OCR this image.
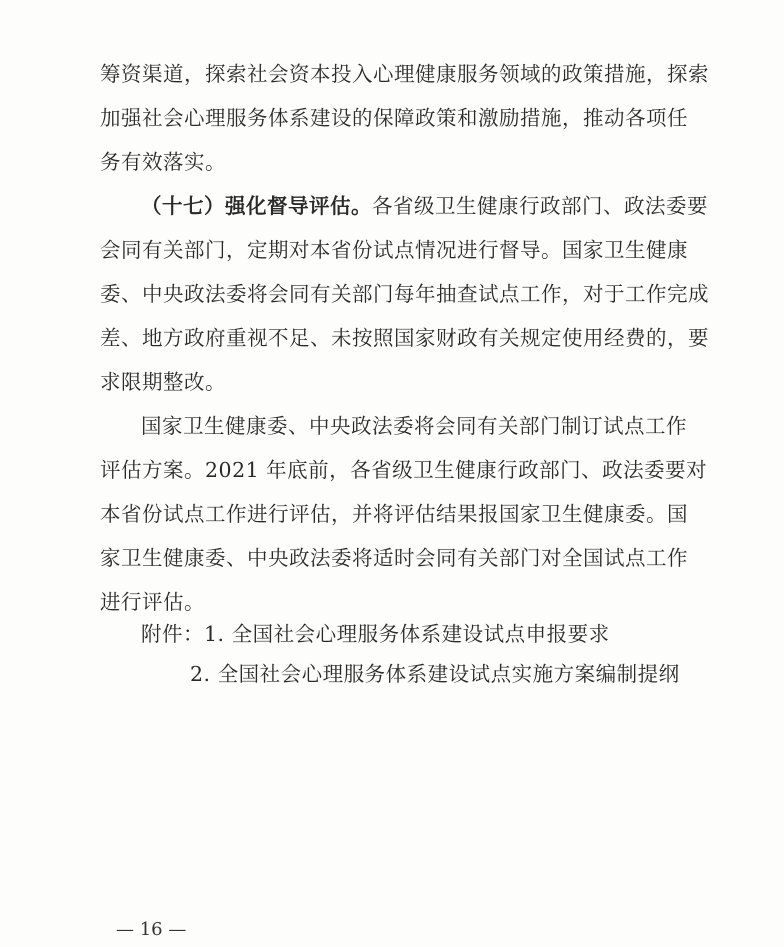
筹资渠道，探索社会资本投入心理健康服务领域的政策措施，探索
加强社会心理服务体系建设的保障政策和激励措施，推动各项任
务有效落实。
（十七）强化督导评估。各省级卫生健康行政部门、政法委要
会同有关部门，定期对本省份试点情况进行督导。国家卫生健康
委、中央政法委将会同有关部门每年抽查试点工作，对于工作完成
差、地方政府重视不足、未按照国家财政有关规定使用经费的，要
求限期整改。
国家卫生健康委、中央政法委将会同有关部门制订试点工作
评估方案。2021 年底前，各省级卫生健康行政部门、政法委要对
本省份试点工作进行评估，并将评估结果报国家卫生健康委。国
家卫生健康委、中央政法委将适时会同有关部门对全国试点工作
进行评估。
附件：1. 全国社会心理服务体系建设试点申报要求
2. 全国社会心理服务体系建设试点实施方案编制提纲
— 16 —
